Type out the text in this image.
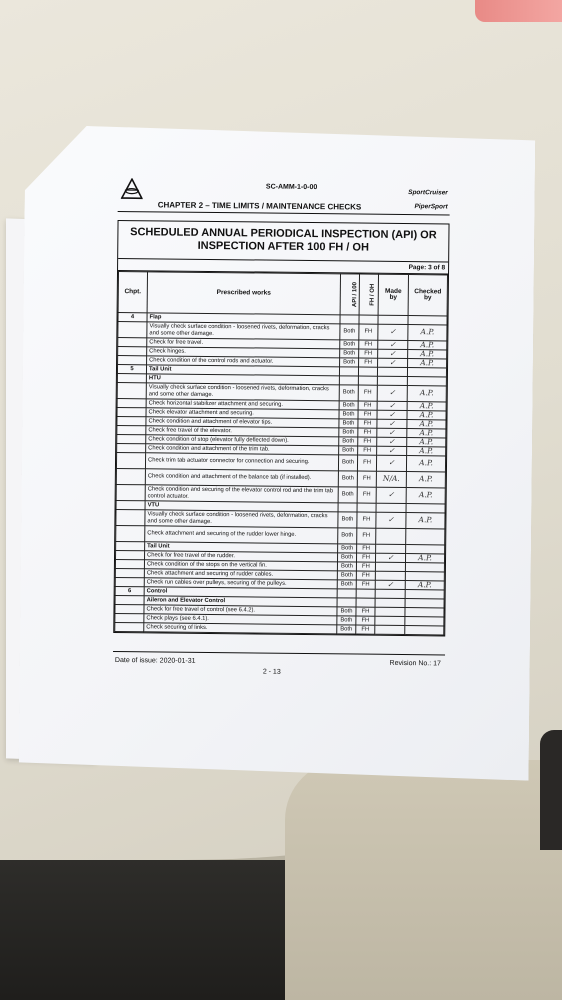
SC-AMM-1-0-00
SportCruiser
CHAPTER 2 – TIME LIMITS / MAINTENANCE CHECKS	PiperSport
SCHEDULED ANNUAL PERIODICAL INSPECTION (API) OR INSPECTION AFTER 100 FH / OH
Page: 3 of 8
Chpt.	Prescribed works	API / 100	FH / OH	Made by	Checked by
4	Flap				
	Visually check surface condition - loosened rivets, deformation, cracks and some other damage.	Both	FH	✓	A.P.
	Check for free travel.	Both	FH	✓	A.P.
	Check hinges.	Both	FH	✓	A.P.
	Check condition of the control rods and actuator.	Both	FH	✓	A.P.
5	Tail Unit				
	HTU				
	Visually check surface condition - loosened rivets, deformation, cracks and some other damage.	Both	FH	✓	A.P.
	Check horizontal stabilizer attachment and securing.	Both	FH	✓	A.P.
	Check elevator attachment and securing.	Both	FH	✓	A.P.
	Check condition and attachment of elevator tips.	Both	FH	✓	A.P.
	Check free travel of the elevator.	Both	FH	✓	A.P.
	Check condition of stop (elevator fully deflected down).	Both	FH	✓	A.P.
	Check condition and attachment of the trim tab.	Both	FH	✓	A.P.
	Check trim tab actuator connector for connection and securing.	Both	FH	✓	A.P.
	Check condition and attachment of the balance tab (if installed).	Both	FH	N/A.	A.P.
	Check condition and securing of the elevator control rod and the trim tab control actuator.	Both	FH	✓	A.P.
	VTU				
	Visually check surface condition - loosened rivets, deformation, cracks and some other damage.	Both	FH	✓	A.P.
	Check attachment and securing of the rudder lower hinge.	Both	FH		
	Tail Unit	Both	FH		
	Check for free travel of the rudder.	Both	FH	✓	A.P.
	Check condition of the stops on the vertical fin.	Both	FH		
	Check attachment and securing of rudder cables.	Both	FH		
	Check run cables over pulleys, securing of the pulleys.	Both	FH	✓	A.P.
6	Control				
	Aileron and Elevator Control				
	Check for free travel of control (see 6.4.2).	Both	FH		
	Check plays (see 6.4.1).	Both	FH		
	Check securing of links.	Both	FH		
Date of issue: 2020-01-31	Revision No.: 17
2 - 13
